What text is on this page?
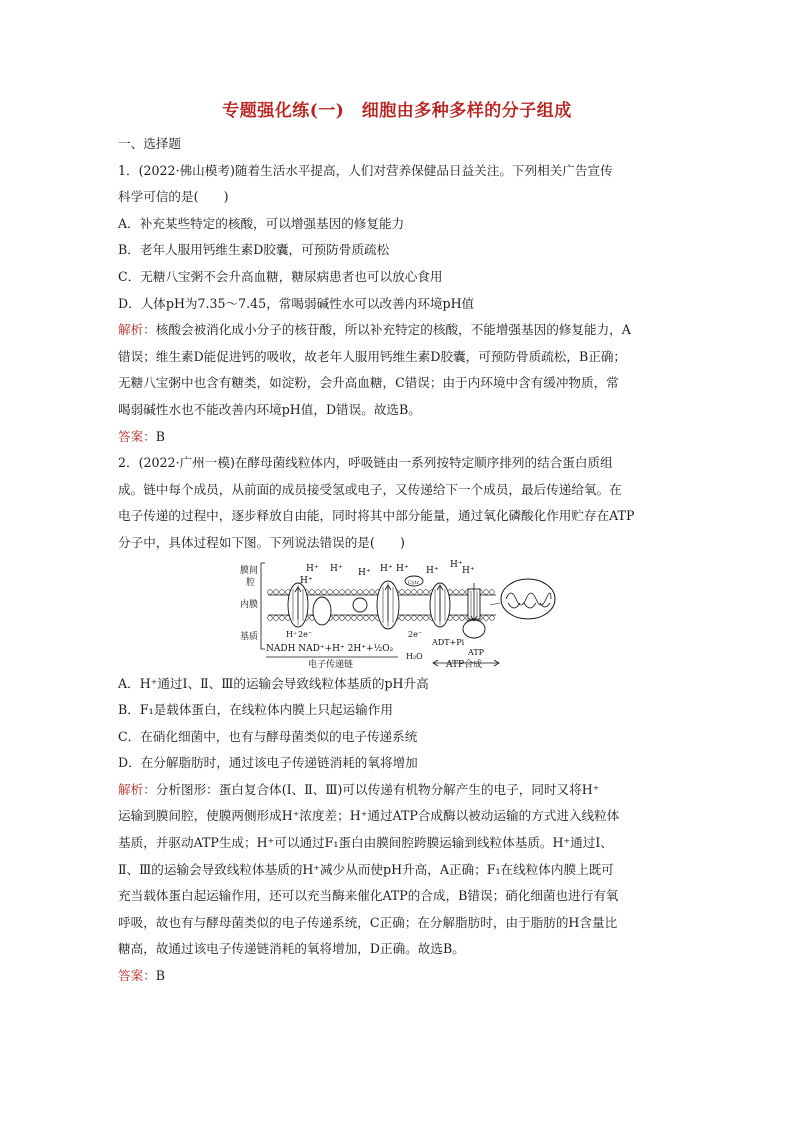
专题强化练(一)　细胞由多种多样的分子组成
一、选择题
1．(2022·佛山模考)随着生活水平提高，人们对营养保健品日益关注。下列相关广告宣传
科学可信的是(　　)
A．补充某些特定的核酸，可以增强基因的修复能力
B．老年人服用钙维生素D胶囊，可预防骨质疏松
C．无糖八宝粥不会升高血糖，糖尿病患者也可以放心食用
D．人体pH为7.35～7.45，常喝弱碱性水可以改善内环境pH值
解析：核酸会被消化成小分子的核苷酸，所以补充特定的核酸，不能增强基因的修复能力，A
错误；维生素D能促进钙的吸收，故老年人服用钙维生素D胶囊，可预防骨质疏松，B正确；
无糖八宝粥中也含有糖类，如淀粉，会升高血糖，C错误；由于内环境中含有缓冲物质，常
喝弱碱性水也不能改善内环境pH值，D错误。故选B。
答案：B
2．(2022·广州一模)在酵母菌线粒体内，呼吸链由一系列按特定顺序排列的结合蛋白质组
成。链中每个成员，从前面的成员接受氢或电子，又传递给下一个成员，最后传递给氧。在
电子传递的过程中，逐步释放自由能，同时将其中部分能量，通过氧化磷酸化作用贮存在ATP
分子中，具体过程如下图。下列说法错误的是(　　)
膜间
腔
内膜
基质
Cytc
H⁺ H⁺
H⁺
H⁺ H⁺ H⁺ H⁺
H⁺
H⁺
H⁺ 2e⁻	2e⁻
NADH NAD⁺+H⁺ 2H⁺+½O₂
H₂O
ADT+Pi
ATP
电子传递链	ATP合成
A．H⁺通过Ⅰ、Ⅱ、Ⅲ的运输会导致线粒体基质的pH升高
B．F₁是载体蛋白，在线粒体内膜上只起运输作用
C．在硝化细菌中，也有与酵母菌类似的电子传递系统
D．在分解脂肪时，通过该电子传递链消耗的氧将增加
解析：分析图形：蛋白复合体(Ⅰ、Ⅱ、Ⅲ)可以传递有机物分解产生的电子，同时又将H⁺
运输到膜间腔，使膜两侧形成H⁺浓度差；H⁺通过ATP合成酶以被动运输的方式进入线粒体
基质，并驱动ATP生成；H⁺可以通过F₁蛋白由膜间腔跨膜运输到线粒体基质。H⁺通过Ⅰ、
Ⅱ、Ⅲ的运输会导致线粒体基质的H⁺减少从而使pH升高，A正确；F₁在线粒体内膜上既可
充当载体蛋白起运输作用，还可以充当酶来催化ATP的合成，B错误；硝化细菌也进行有氧
呼吸，故也有与酵母菌类似的电子传递系统，C正确；在分解脂肪时，由于脂肪的H含量比
糖高，故通过该电子传递链消耗的氧将增加，D正确。故选B。
答案：B
